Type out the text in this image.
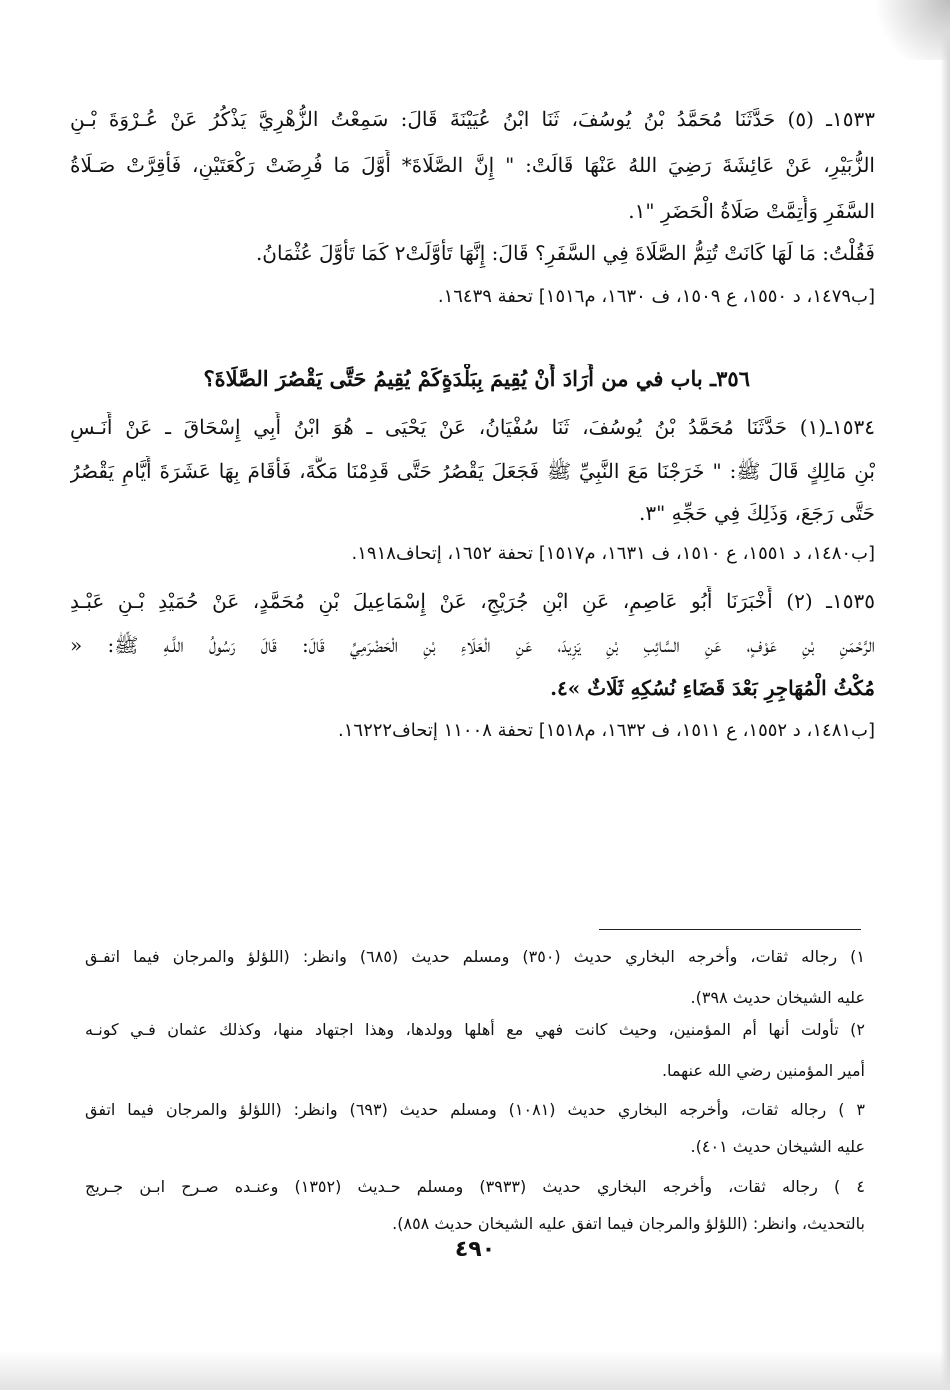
١٥٣٣ـ (٥) حَدَّثَنَا مُحَمَّدُ بْنُ يُوسُفَ، ثَنَا ابْنُ عُيَيْنَةَ قَالَ: سَمِعْتُ الزُّهْرِيَّ يَذْكُرُ عَنْ عُـرْوَةَ بْـنِ
الزُّبَيْرِ، عَنْ عَائِشَةَ رَضِيَ اللهُ عَنْهَا قَالَتْ: " إِنَّ الصَّلَاةَ* أَوَّلَ مَا فُرِضَتْ رَكْعَتَيْنِ، فَأُقِرَّتْ صَـلَاةُ
السَّفَرِ وَأُتِمَّتْ صَلَاةُ الْحَضَرِ "١.
فَقُلْتُ: مَا لَهَا كَانَتْ تُتِمُّ الصَّلَاةَ فِي السَّفَرِ؟ قَالَ: إِنَّهَا تَأَوَّلَتْ٢ كَمَا تَأَوَّلَ عُثْمَانُ.
[ب١٤٧٩، د ١٥٥٠، ع ١٥٠٩، ف ١٦٣٠، م١٥١٦] تحفة ١٦٤٣٩.
٣٥٦ـ باب في من أَرَادَ أَنْ يُقِيمَ بِبَلْدَةٍكَمْ يُقِيمُ حَتَّى يَقْصُرَ الصَّلَاةَ؟
١٥٣٤ـ(١) حَدَّثَنَا مُحَمَّدُ بْنُ يُوسُفَ، ثَنَا سُفْيَانُ، عَنْ يَحْيَى ـ هُوَ ابْنُ أَبِي إِسْحَاقَ ـ عَنْ أَنَـسِ
بْنِ مَالِكٍ قَالَ ﷺ: " خَرَجْنَا مَعَ النَّبِيِّ ﷺ فَجَعَلَ يَقْصُرُ حَتَّى قَدِمْنَا مَكَّةَ، فَأَقَامَ بِهَا عَشَرَةَ أَيَّامٍ يَقْصُرُ
حَتَّى رَجَعَ، وَذَلِكَ فِي حَجِّهِ "٣.
[ب١٤٨٠، د ١٥٥١، ع ١٥١٠، ف ١٦٣١، م١٥١٧] تحفة ١٦٥٢، إتحاف١٩١٨.
١٥٣٥ـ (٢) أَخْبَرَنَا أَبُو عَاصِمٍ، عَنِ ابْنِ جُرَيْجٍ، عَنْ إِسْمَاعِيلَ بْنِ مُحَمَّدٍ، عَنْ حُمَيْدِ بْـنِ عَبْـدِ
الرَّحْمَنِ بْنِ عَوْفٍ، عَنِ السَّائِبِ بْنِ يَزِيدَ، عَنِ الْعَلَاءِ بْنِ الْحَضْرَمِيِّ قَالَ: قَالَ رَسُولُ اللَّـهِ ﷺ: «
مُكْثُ الْمُهَاجِرِ بَعْدَ قَضَاءِ نُسُكِهِ ثَلَاثٌ »٤.
[ب١٤٨١، د ١٥٥٢، ع ١٥١١، ف ١٦٣٢، م١٥١٨] تحفة ١١٠٠٨ إتحاف١٦٢٢٢.
١) رجاله ثقات، وأخرجه البخاري حديث (٣٥٠) ومسلم حديث (٦٨٥) وانظر: (اللؤلؤ والمرجان فيما اتفـق
عليه الشيخان حديث ٣٩٨).
٢) تأولت أنها أم المؤمنين، وحيث كانت فهي مع أهلها وولدها، وهذا اجتهاد منها، وكذلك عثمان فـي كونـه
أمير المؤمنين رضي الله عنهما.
٣ ) رجاله ثقات، وأخرجه البخاري حديث (١٠٨١) ومسلم حديث (٦٩٣) وانظر: (اللؤلؤ والمرجان فيما اتفق
عليه الشيخان حديث ٤٠١).
٤ ) رجاله ثقات، وأخرجه البخاري حديث (٣٩٣٣) ومسلم حـديث (١٣٥٢) وعنـده صـرح ابـن جـريج
بالتحديث، وانظر: (اللؤلؤ والمرجان فيما اتفق عليه الشيخان حديث ٨٥٨).
٤٩٠
